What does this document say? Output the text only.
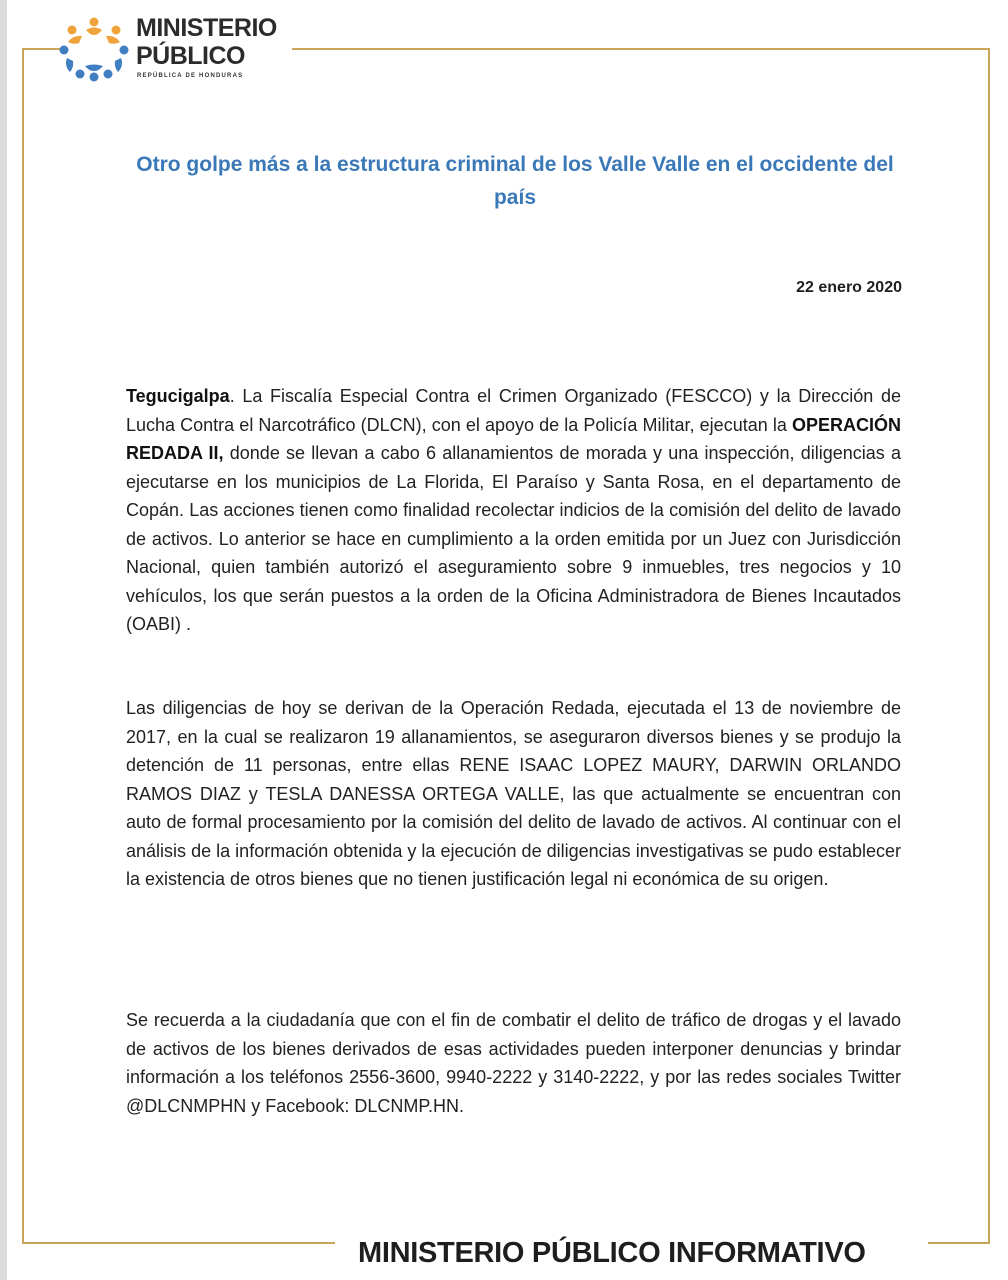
MINISTERIO
PÚBLICO
REPÚBLICA DE HONDURAS
Otro golpe más a la estructura criminal de los Valle Valle en el occidente del país
22 enero 2020
Tegucigalpa. La Fiscalía Especial Contra el Crimen Organizado (FESCCO) y la Dirección de Lucha Contra el Narcotráfico (DLCN), con el apoyo de la Policía Militar, ejecutan la OPERACIÓN REDADA II, donde se llevan a cabo 6 allanamientos de morada y una inspección, diligencias a ejecutarse en los municipios de La Florida, El Paraíso y Santa Rosa, en el departamento de Copán. Las acciones tienen como finalidad recolectar indicios de la comisión del delito de lavado de activos. Lo anterior se hace en cumplimiento a la orden emitida por un Juez con Jurisdicción Nacional, quien también autorizó el aseguramiento sobre 9 inmuebles, tres negocios y 10 vehículos, los que serán puestos a la orden de la Oficina Administradora de Bienes Incautados (OABI) .
Las diligencias de hoy se derivan de la Operación Redada, ejecutada el 13 de noviembre de 2017, en la cual se realizaron 19 allanamientos, se aseguraron diversos bienes y se produjo la detención de 11 personas, entre ellas RENE ISAAC LOPEZ MAURY, DARWIN ORLANDO RAMOS DIAZ y TESLA DANESSA ORTEGA VALLE, las que actualmente se encuentran con auto de formal procesamiento por la comisión del delito de lavado de activos. Al continuar con el análisis de la información obtenida y la ejecución de diligencias investigativas se pudo establecer la existencia de otros bienes que no tienen justificación legal ni económica de su origen.
Se recuerda a la ciudadanía que con el fin de combatir el delito de tráfico de drogas y el lavado de activos de los bienes derivados de esas actividades pueden interponer denuncias y brindar información a los teléfonos 2556-3600, 9940-2222 y 3140-2222, y por las redes sociales Twitter @DLCNMPHN y Facebook: DLCNMP.HN.
MINISTERIO PÚBLICO INFORMATIVO
